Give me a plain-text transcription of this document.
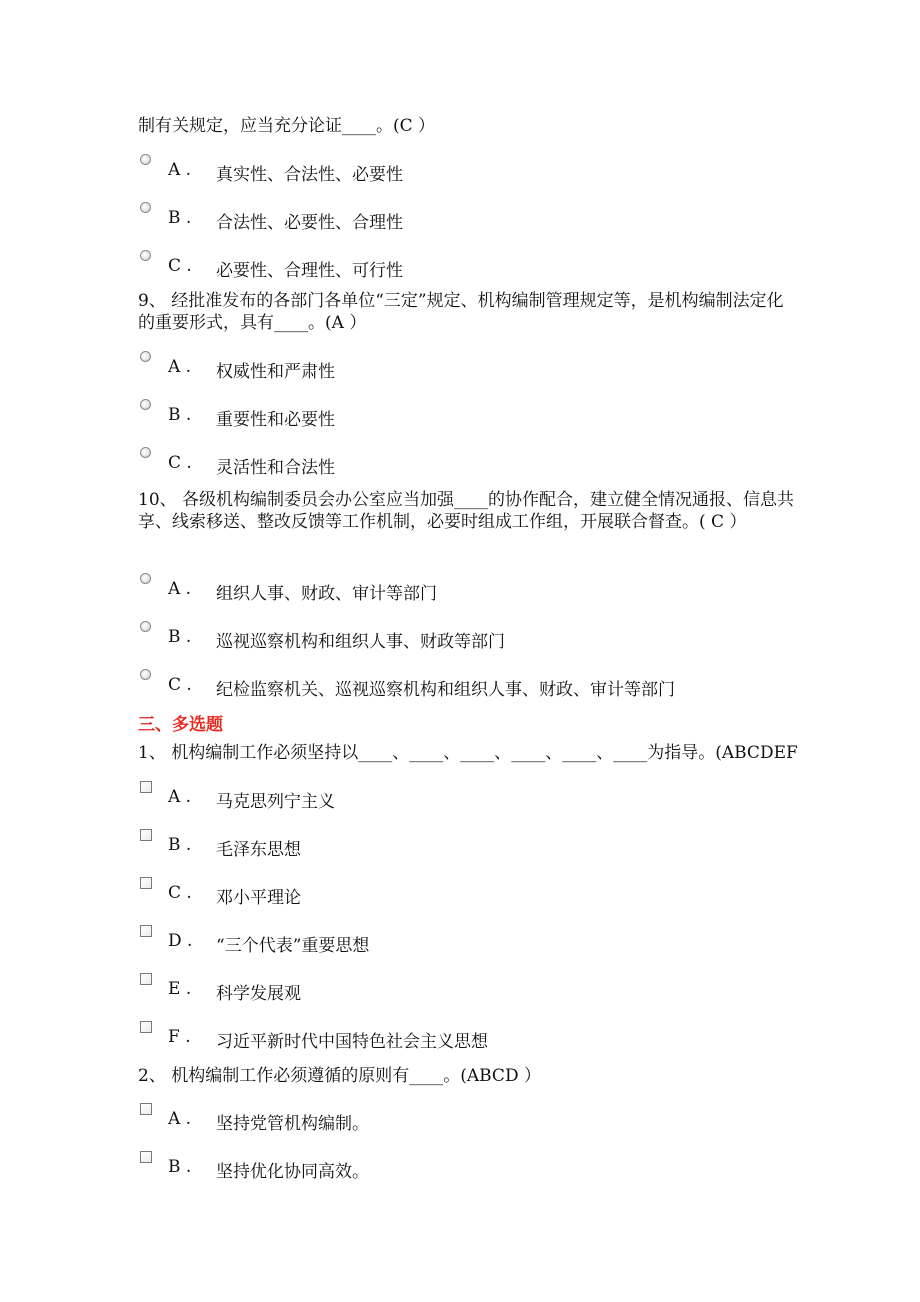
制有关规定，应当充分论证____。(C ）
A . 真实性、合法性、必要性
B . 合法性、必要性、合理性
C . 必要性、合理性、可行性
9、 经批准发布的各部门各单位“三定”规定、机构编制管理规定等，是机构编制法定化的重要形式，具有____。(A ）
A . 权威性和严肃性
B . 重要性和必要性
C . 灵活性和合法性
10、 各级机构编制委员会办公室应当加强____的协作配合，建立健全情况通报、信息共享、线索移送、整改反馈等工作机制，必要时组成工作组，开展联合督查。( C ）
A . 组织人事、财政、审计等部门
B . 巡视巡察机构和组织人事、财政等部门
C . 纪检监察机关、巡视巡察机构和组织人事、财政、审计等部门
三、多选题
1、 机构编制工作必须坚持以____、____、____、____、____、____为指导。(ABCDEF
A . 马克思列宁主义
B . 毛泽东思想
C . 邓小平理论
D . “三个代表”重要思想
E . 科学发展观
F . 习近平新时代中国特色社会主义思想
2、 机构编制工作必须遵循的原则有____。(ABCD ）
A . 坚持党管机构编制。
B . 坚持优化协同高效。
